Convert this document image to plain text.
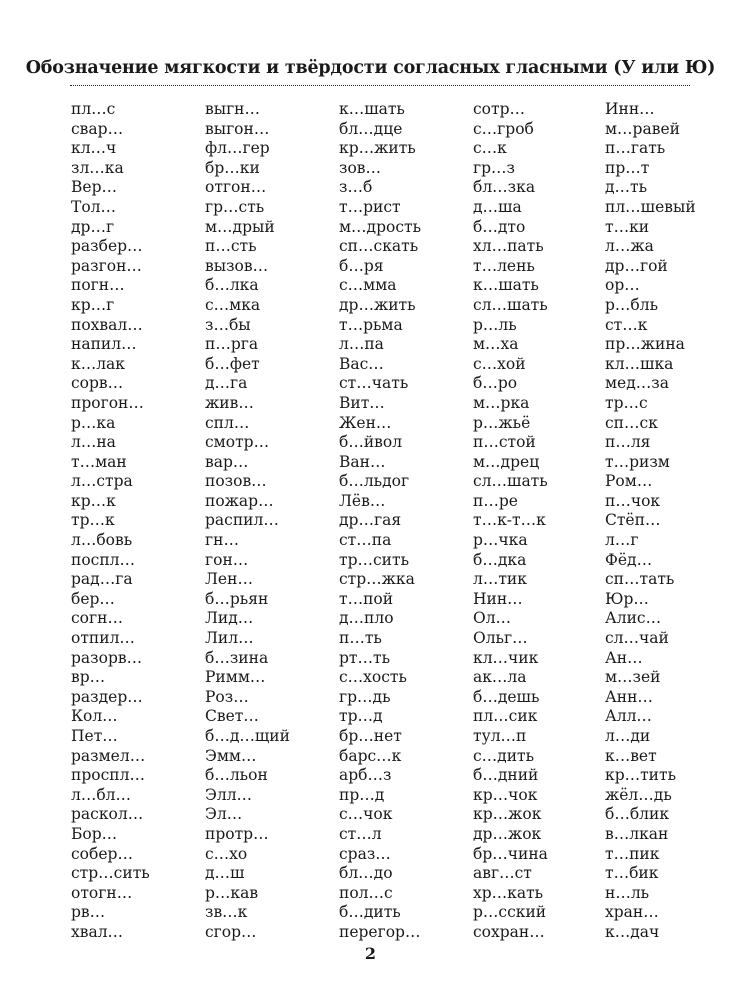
Обозначение мягкости и твёрдости согласных гласными (У или Ю)
пл…с
свар…
кл…ч
зл…ка
Вер…
Тол…
др…г
разбер…
разгон…
погн…
кр…г
похвал…
напил…
к…лак
сорв…
прогон…
р…ка
л…на
т…ман
л…стра
кр…к
тр…к
л…бовь
поспл…
рад…га
бер…
согн…
отпил…
разорв…
вр…
раздер…
Кол…
Пет…
размел…
проспл…
л…бл…
раскол…
Бор…
собер…
стр…сить
отогн…
рв…
хвал…
выгн…
выгон…
фл…гер
бр…ки
отгон…
гр…сть
м…дрый
п…сть
вызов…
б…лка
с…мка
з…бы
п…рга
б…фет
д…га
жив…
спл…
смотр…
вар…
позов…
пожар…
распил…
гн…
гон…
Лен…
б…рьян
Лид…
Лил…
б…зина
Римм…
Роз…
Свет…
б…д…щий
Эмм…
б…льон
Элл…
Эл…
протр…
с…хо
д…ш
р…кав
зв…к
сгор…
к…шать
бл…дце
кр…жить
зов…
з…б
т…рист
м…дрость
сп…скать
б…ря
с…мма
др…жить
т…рьма
л…па
Вас…
ст…чать
Вит…
Жен…
б…йвол
Ван…
б…льдог
Лёв…
др…гая
ст…па
тр…сить
стр…жка
т…пой
д…пло
п…ть
рт…ть
с…хость
гр…дь
тр…д
бр…нет
барс…к
арб…з
пр…д
с…чок
ст…л
сраз…
бл…до
пол…с
б…дить
перегор…
сотр…
с…гроб
с…к
гр…з
бл…зка
д…ша
б…дто
хл…пать
т…лень
к…шать
сл…шать
р…ль
м…ха
с…хой
б…ро
м…рка
р…жьё
п…стой
м…дрец
сл…шать
п…ре
т…к-т…к
р…чка
б…дка
л…тик
Нин…
Ол…
Ольг…
кл…чик
ак…ла
б…дешь
пл…сик
тул…п
с…дить
б…дний
кр…чок
кр…жок
др…жок
бр…чина
авг…ст
хр…кать
р…сский
сохран…
Инн…
м…равей
п…гать
пр…т
д…ть
пл…шевый
т…ки
л…жа
др…гой
ор…
р…бль
ст…к
пр…жина
кл…шка
мед…за
тр…с
сп…ск
п…ля
т…ризм
Ром…
п…чок
Стёп…
л…г
Фёд…
сп…тать
Юр…
Алис…
сл…чай
Ан…
м…зей
Анн…
Алл…
л…ди
к…вет
кр…тить
жёл…дь
б…блик
в…лкан
т…пик
т…бик
н…ль
хран…
к…дач
2
